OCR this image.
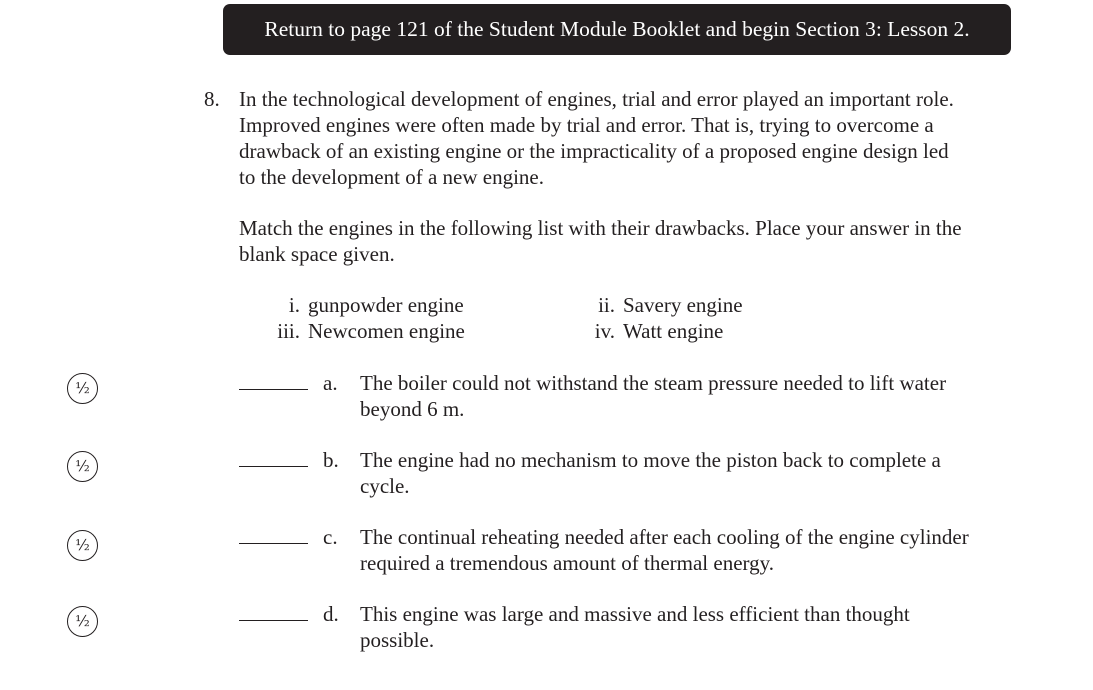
Return to page 121 of the Student Module Booklet and begin Section 3: Lesson 2.
8. In the technological development of engines, trial and error played an important role.
Improved engines were often made by trial and error. That is, trying to overcome a
drawback of an existing engine or the impracticality of a proposed engine design led
to the development of a new engine.
Match the engines in the following list with their drawbacks. Place your answer in the
blank space given.
i. gunpowder engine	ii. Savery engine
iii. Newcomen engine	iv. Watt engine
½	a. The boiler could not withstand the steam pressure needed to lift water
beyond 6 m.
½	b. The engine had no mechanism to move the piston back to complete a
cycle.
½	c. The continual reheating needed after each cooling of the engine cylinder
required a tremendous amount of thermal energy.
½	d. This engine was large and massive and less efficient than thought
possible.
